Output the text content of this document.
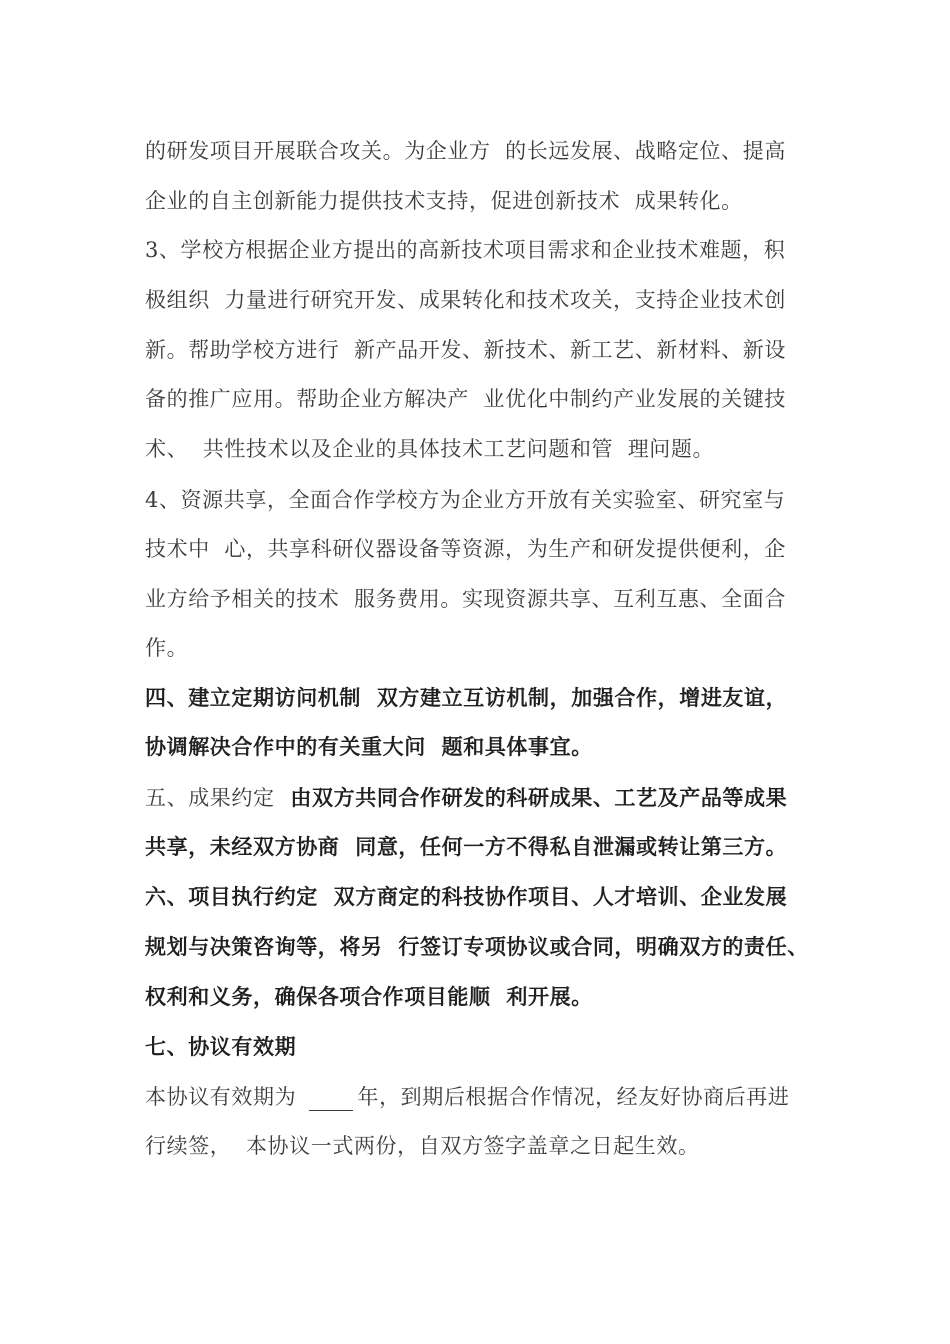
的研发项目开展联合攻关。为企业方  的长远发展、战略定位、提高
企业的自主创新能力提供技术支持，促进创新技术  成果转化。
3、学校方根据企业方提出的高新技术项目需求和企业技术难题，积
极组织  力量进行研究开发、成果转化和技术攻关，支持企业技术创
新。帮助学校方进行  新产品开发、新技术、新工艺、新材料、新设
备的推广应用。帮助企业方解决产  业优化中制约产业发展的关键技
术、  共性技术以及企业的具体技术工艺问题和管  理问题。
4、资源共享，全面合作学校方为企业方开放有关实验室、研究室与
技术中  心，共享科研仪器设备等资源，为生产和研发提供便利，企
业方给予相关的技术  服务费用。实现资源共享、互利互惠、全面合
作。
四、建立定期访问机制  双方建立互访机制，加强合作，增进友谊，
协调解决合作中的有关重大问  题和具体事宜。
五、成果约定  由双方共同合作研发的科研成果、工艺及产品等成果
共享，未经双方协商  同意，任何一方不得私自泄漏或转让第三方。
六、项目执行约定  双方商定的科技协作项目、人才培训、企业发展
规划与决策咨询等，将另  行签订专项协议或合同，明确双方的责任、
权利和义务，确保各项合作项目能顺  利开展。
七、协议有效期
本协议有效期为	年，到期后根据合作情况，经友好协商后再进
行续签，  本协议一式两份，自双方签字盖章之日起生效。
